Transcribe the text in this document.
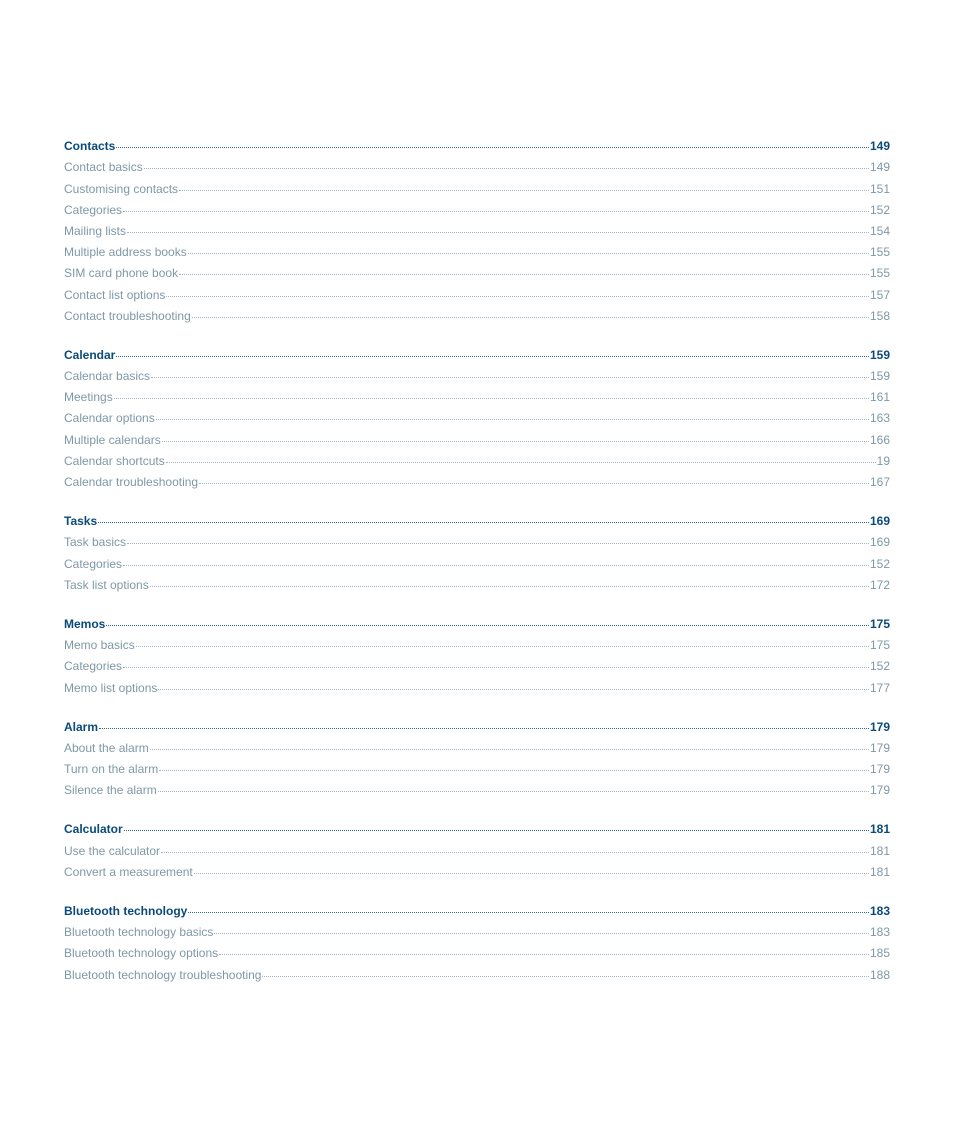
Contacts	149
Contact basics	149
Customising contacts	151
Categories	152
Mailing lists	154
Multiple address books	155
SIM card phone book	155
Contact list options	157
Contact troubleshooting	158
Calendar	159
Calendar basics	159
Meetings	161
Calendar options	163
Multiple calendars	166
Calendar shortcuts	19
Calendar troubleshooting	167
Tasks	169
Task basics	169
Categories	152
Task list options	172
Memos	175
Memo basics	175
Categories	152
Memo list options	177
Alarm	179
About the alarm	179
Turn on the alarm	179
Silence the alarm	179
Calculator	181
Use the calculator	181
Convert a measurement	181
Bluetooth technology	183
Bluetooth technology basics	183
Bluetooth technology options	185
Bluetooth technology troubleshooting	188
